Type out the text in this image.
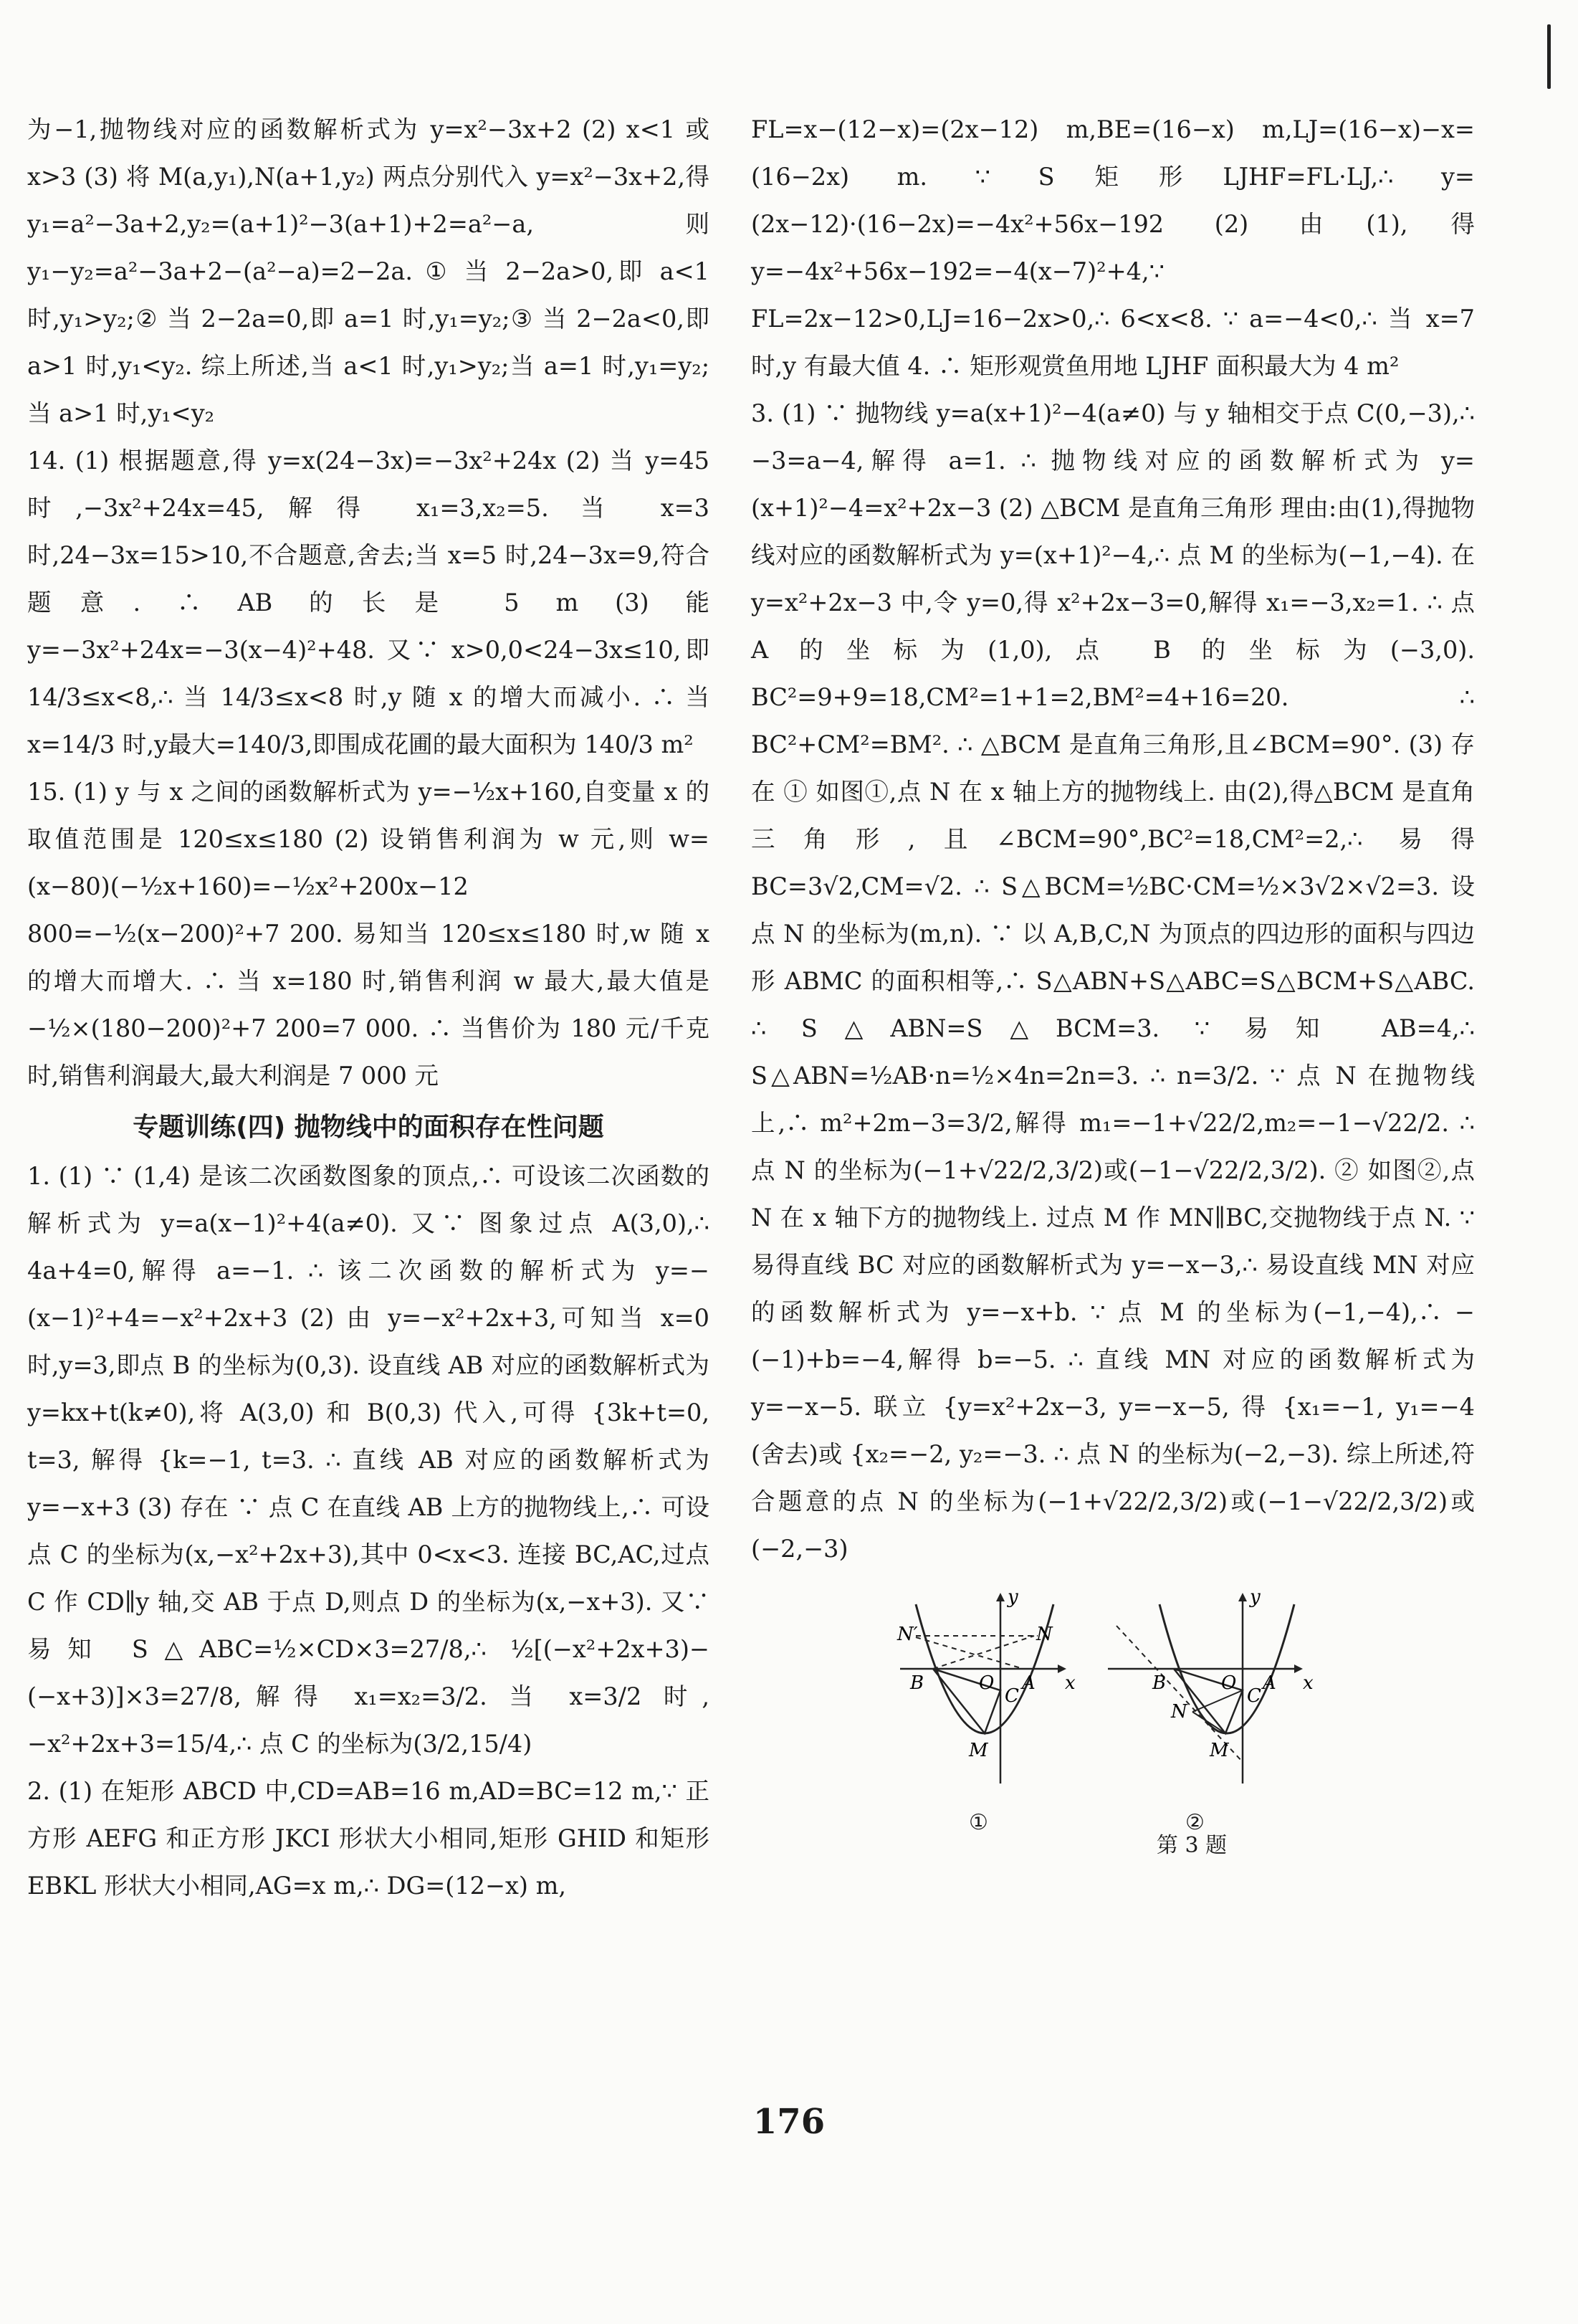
为−1,抛物线对应的函数解析式为 y=x²−3x+2 (2) x<1 或 x>3 (3) 将 M(a,y₁),N(a+1,y₂) 两点分别代入 y=x²−3x+2,得 y₁=a²−3a+2,y₂=(a+1)²−3(a+1)+2=a²−a,则 y₁−y₂=a²−3a+2−(a²−a)=2−2a. ① 当 2−2a>0,即 a<1 时,y₁>y₂;② 当 2−2a=0,即 a=1 时,y₁=y₂;③ 当 2−2a<0,即 a>1 时,y₁<y₂. 综上所述,当 a<1 时,y₁>y₂;当 a=1 时,y₁=y₂;当 a>1 时,y₁<y₂

14. (1) 根据题意,得 y=x(24−3x)=−3x²+24x (2) 当 y=45 时,−3x²+24x=45,解得 x₁=3,x₂=5. 当 x=3 时,24−3x=15>10,不合题意,舍去;当 x=5 时,24−3x=9,符合题意. ∴ AB 的长是 5 m (3) 能 y=−3x²+24x=−3(x−4)²+48. 又∵ x>0,0<24−3x≤10,即 14/3≤x<8,∴ 当 14/3≤x<8 时,y 随 x 的增大而减小. ∴ 当 x=14/3 时,y最大=140/3,即围成花圃的最大面积为 140/3 m²

15. (1) y 与 x 之间的函数解析式为 y=−½x+160,自变量 x 的取值范围是 120≤x≤180 (2) 设销售利润为 w 元,则 w=(x−80)(−½x+160)=−½x²+200x−12 800=−½(x−200)²+7 200. 易知当 120≤x≤180 时,w 随 x 的增大而增大. ∴ 当 x=180 时,销售利润 w 最大,最大值是 −½×(180−200)²+7 200=7 000. ∴ 当售价为 180 元/千克时,销售利润最大,最大利润是 7 000 元

专题训练(四) 抛物线中的面积存在性问题

1. (1) ∵ (1,4) 是该二次函数图象的顶点,∴ 可设该二次函数的解析式为 y=a(x−1)²+4(a≠0). 又∵ 图象过点 A(3,0),∴ 4a+4=0,解得 a=−1. ∴ 该二次函数的解析式为 y=−(x−1)²+4=−x²+2x+3 (2) 由 y=−x²+2x+3,可知当 x=0 时,y=3,即点 B 的坐标为(0,3). 设直线 AB 对应的函数解析式为 y=kx+t(k≠0),将 A(3,0) 和 B(0,3) 代入,可得 {3k+t=0, t=3, 解得 {k=−1, t=3. ∴ 直线 AB 对应的函数解析式为 y=−x+3 (3) 存在 ∵ 点 C 在直线 AB 上方的抛物线上,∴ 可设点 C 的坐标为(x,−x²+2x+3),其中 0<x<3. 连接 BC,AC,过点 C 作 CD∥y 轴,交 AB 于点 D,则点 D 的坐标为(x,−x+3). 又∵ 易知 S△ABC=½×CD×3=27/8,∴ ½[(−x²+2x+3)−(−x+3)]×3=27/8,解得 x₁=x₂=3/2. 当 x=3/2 时,−x²+2x+3=15/4,∴ 点 C 的坐标为(3/2,15/4)

2. (1) 在矩形 ABCD 中,CD=AB=16 m,AD=BC=12 m,∵ 正方形 AEFG 和正方形 JKCI 形状大小相同,矩形 GHID 和矩形 EBKL 形状大小相同,AG=x m,∴ DG=(12−x) m,

FL=x−(12−x)=(2x−12) m,BE=(16−x) m,LJ=(16−x)−x=(16−2x) m. ∵ S矩形LJHF=FL·LJ,∴ y=(2x−12)·(16−2x)=−4x²+56x−192 (2) 由(1),得 y=−4x²+56x−192=−4(x−7)²+4,∵ FL=2x−12>0,LJ=16−2x>0,∴ 6<x<8. ∵ a=−4<0,∴ 当 x=7 时,y 有最大值 4. ∴ 矩形观赏鱼用地 LJHF 面积最大为 4 m²

3. (1) ∵ 抛物线 y=a(x+1)²−4(a≠0) 与 y 轴相交于点 C(0,−3),∴ −3=a−4,解得 a=1. ∴ 抛物线对应的函数解析式为 y=(x+1)²−4=x²+2x−3 (2) △BCM 是直角三角形 理由:由(1),得抛物线对应的函数解析式为 y=(x+1)²−4,∴ 点 M 的坐标为(−1,−4). 在 y=x²+2x−3 中,令 y=0,得 x²+2x−3=0,解得 x₁=−3,x₂=1. ∴ 点 A 的坐标为(1,0),点 B 的坐标为(−3,0). BC²=9+9=18,CM²=1+1=2,BM²=4+16=20. ∴ BC²+CM²=BM². ∴ △BCM 是直角三角形,且∠BCM=90°. (3) 存在 ① 如图①,点 N 在 x 轴上方的抛物线上. 由(2),得△BCM 是直角三角形,且∠BCM=90°,BC²=18,CM²=2,∴ 易得 BC=3√2,CM=√2. ∴ S△BCM=½BC·CM=½×3√2×√2=3. 设点 N 的坐标为(m,n). ∵ 以 A,B,C,N 为顶点的四边形的面积与四边形 ABMC 的面积相等,∴ S△ABN+S△ABC=S△BCM+S△ABC. ∴ S△ABN=S△BCM=3. ∵ 易知 AB=4,∴ S△ABN=½AB·n=½×4n=2n=3. ∴ n=3/2. ∵ 点 N 在抛物线上,∴ m²+2m−3=3/2,解得 m₁=−1+√22/2,m₂=−1−√22/2. ∴ 点 N 的坐标为(−1+√22/2,3/2)或(−1−√22/2,3/2). ② 如图②,点 N 在 x 轴下方的抛物线上. 过点 M 作 MN∥BC,交抛物线于点 N. ∵ 易得直线 BC 对应的函数解析式为 y=−x−3,∴ 易设直线 MN 对应的函数解析式为 y=−x+b. ∵ 点 M 的坐标为(−1,−4),∴ −(−1)+b=−4,解得 b=−5. ∴ 直线 MN 对应的函数解析式为 y=−x−5. 联立 {y=x²+2x−3, y=−x−5, 得 {x₁=−1, y₁=−4 (舍去)或 {x₂=−2, y₂=−3. ∴ 点 N 的坐标为(−2,−3). 综上所述,符合题意的点 N 的坐标为(−1+√22/2,3/2)或(−1−√22/2,3/2)或(−2,−3)

y
x
N′	N
B	O A
C
M
y
x
B	O A
C
N
M
①	②
第 3 题
176
